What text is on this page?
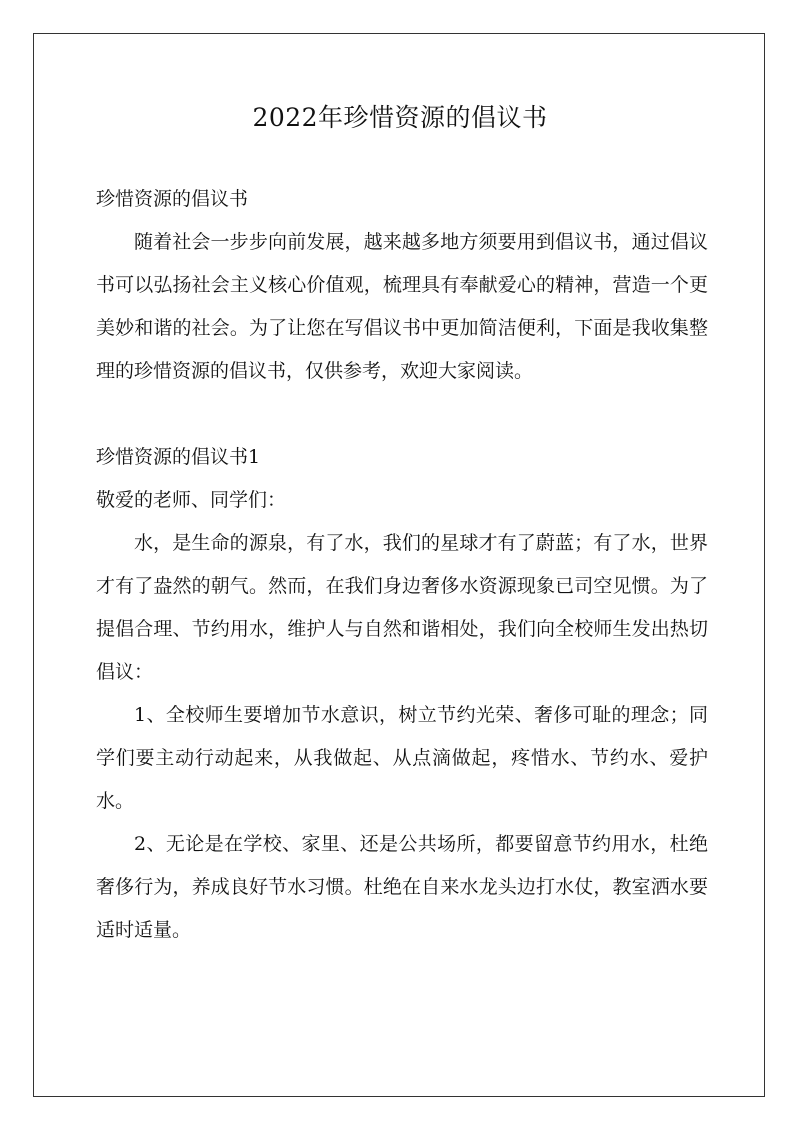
2022年珍惜资源的倡议书

珍惜资源的倡议书

随着社会一步步向前发展，越来越多地方须要用到倡议书，通过倡议书可以弘扬社会主义核心价值观，梳理具有奉献爱心的精神，营造一个更美妙和谐的社会。为了让您在写倡议书中更加简洁便利，下面是我收集整理的珍惜资源的倡议书，仅供参考，欢迎大家阅读。

珍惜资源的倡议书1

敬爱的老师、同学们：

水，是生命的源泉，有了水，我们的星球才有了蔚蓝；有了水，世界才有了盎然的朝气。然而，在我们身边奢侈水资源现象已司空见惯。为了提倡合理、节约用水，维护人与自然和谐相处，我们向全校师生发出热切倡议：

1、全校师生要增加节水意识，树立节约光荣、奢侈可耻的理念；同学们要主动行动起来，从我做起、从点滴做起，疼惜水、节约水、爱护水。

2、无论是在学校、家里、还是公共场所，都要留意节约用水，杜绝奢侈行为，养成良好节水习惯。杜绝在自来水龙头边打水仗，教室洒水要适时适量。
